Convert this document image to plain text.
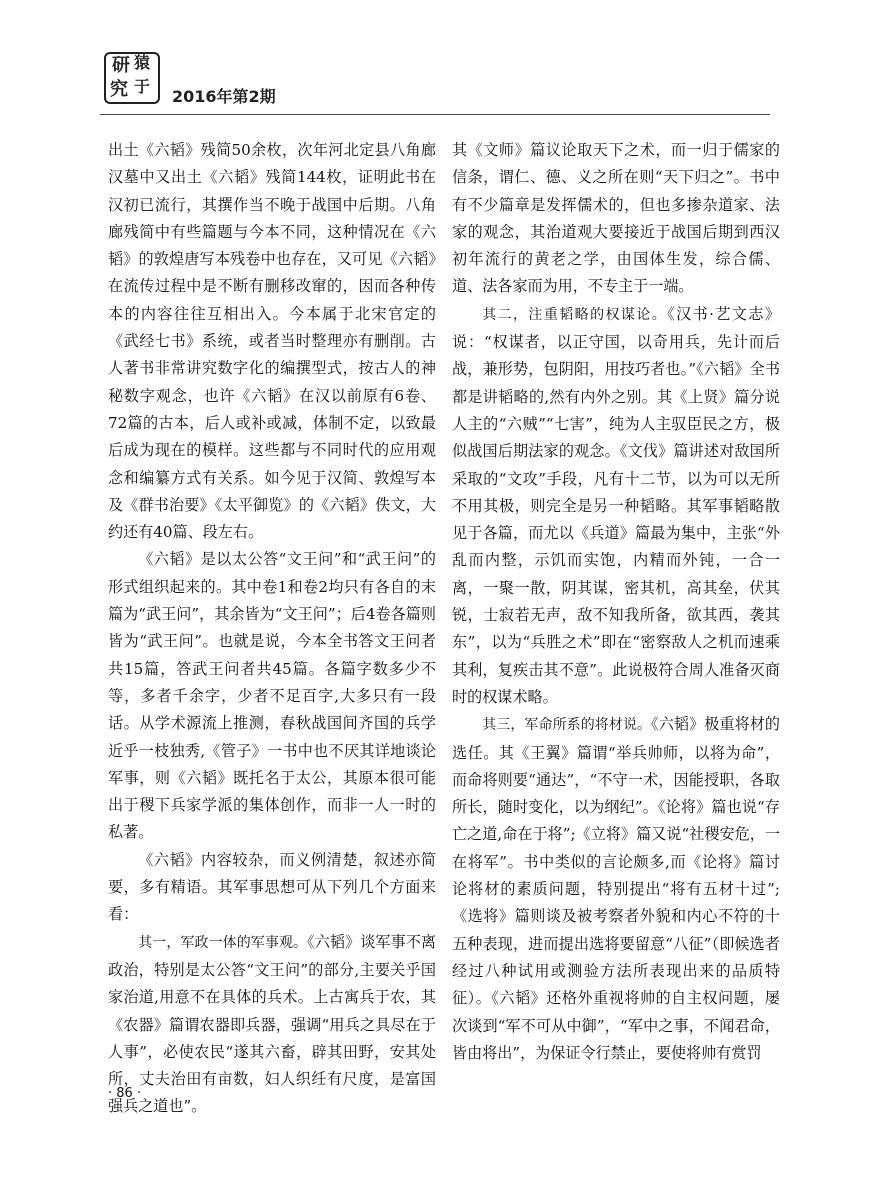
研 猿
究 于
2016年第2期

出土《六韬》残简50余枚，次年河北定县八角廊汉墓中又出土《六韬》残简144枚，证明此书在汉初已流行，其撰作当不晚于战国中后期。八角廊残简中有些篇题与今本不同，这种情况在《六韬》的敦煌唐写本残卷中也存在，又可见《六韬》在流传过程中是不断有删移改窜的，因而各种传本的内容往往互相出入。今本属于北宋官定的《武经七书》系统，或者当时整理亦有删削。古人著书非常讲究数字化的编撰型式，按古人的神秘数字观念，也许《六韬》在汉以前原有6卷、72篇的古本，后人或补或减，体制不定，以致最后成为现在的模样。这些都与不同时代的应用观念和编纂方式有关系。如今见于汉简、敦煌写本及《群书治要》《太平御览》的《六韬》佚文，大约还有40篇、段左右。

《六韬》是以太公答“文王问”和“武王问”的形式组织起来的。其中卷1和卷2均只有各自的末篇为“武王问”，其余皆为“文王问”；后4卷各篇则皆为“武王问”。也就是说，今本全书答文王问者共15篇，答武王问者共45篇。各篇字数多少不等，多者千余字，少者不足百字,大多只有一段话。从学术源流上推测，春秋战国间齐国的兵学近乎一枝独秀,《管子》一书中也不厌其详地谈论军事，则《六韬》既托名于太公，其原本很可能出于稷下兵家学派的集体创作，而非一人一时的私著。

《六韬》内容较杂，而义例清楚，叙述亦简要，多有精语。其军事思想可从下列几个方面来看：

其一，军政一体的军事观。《六韬》谈军事不离政治，特别是太公答“文王问”的部分,主要关乎国家治道,用意不在具体的兵术。上古寓兵于农，其《农器》篇谓农器即兵器，强调“用兵之具尽在于人事”，必使农民“遂其六畜，辟其田野，安其处所，丈夫治田有亩数，妇人织纴有尺度，是富国强兵之道也”。

其《文师》篇议论取天下之术，而一归于儒家的信条，谓仁、德、义之所在则“天下归之”。书中有不少篇章是发挥儒术的，但也多掺杂道家、法家的观念，其治道观大要接近于战国后期到西汉初年流行的黄老之学，由国体生发，综合儒、道、法各家而为用，不专主于一端。

其二，注重韬略的权谋论。《汉书·艺文志》说：“权谋者，以正守国，以奇用兵，先计而后战，兼形势，包阴阳，用技巧者也。”《六韬》全书都是讲韬略的,然有内外之别。其《上贤》篇分说人主的“六贼”“七害”，纯为人主驭臣民之方，极似战国后期法家的观念。《文伐》篇讲述对敌国所采取的“文攻”手段，凡有十二节，以为可以无所不用其极，则完全是另一种韬略。其军事韬略散见于各篇，而尤以《兵道》篇最为集中，主张“外乱而内整，示饥而实饱，内精而外钝，一合一离，一聚一散，阴其谋，密其机，高其垒，伏其锐，士寂若无声，敌不知我所备，欲其西，袭其东”，以为“兵胜之术”即在“密察敌人之机而速乘其利，复疾击其不意”。此说极符合周人准备灭商时的权谋术略。

其三，军命所系的将材说。《六韬》极重将材的选任。其《王翼》篇谓“举兵帅师，以将为命”，而命将则要“通达”，“不守一术，因能授职，各取所长，随时变化，以为纲纪”。《论将》篇也说“存亡之道,命在于将”;《立将》篇又说“社稷安危，一在将军”。书中类似的言论颇多,而《论将》篇讨论将材的素质问题，特别提出“将有五材十过”;《选将》篇则谈及被考察者外貌和内心不符的十五种表现，进而提出选将要留意“八征”（即候选者经过八种试用或测验方法所表现出来的品质特征）。《六韬》还格外重视将帅的自主权问题，屡次谈到“军不可从中御”，“军中之事，不闻君命，皆由将出”，为保证令行禁止，要使将帅有赏罚

· 86 ·
